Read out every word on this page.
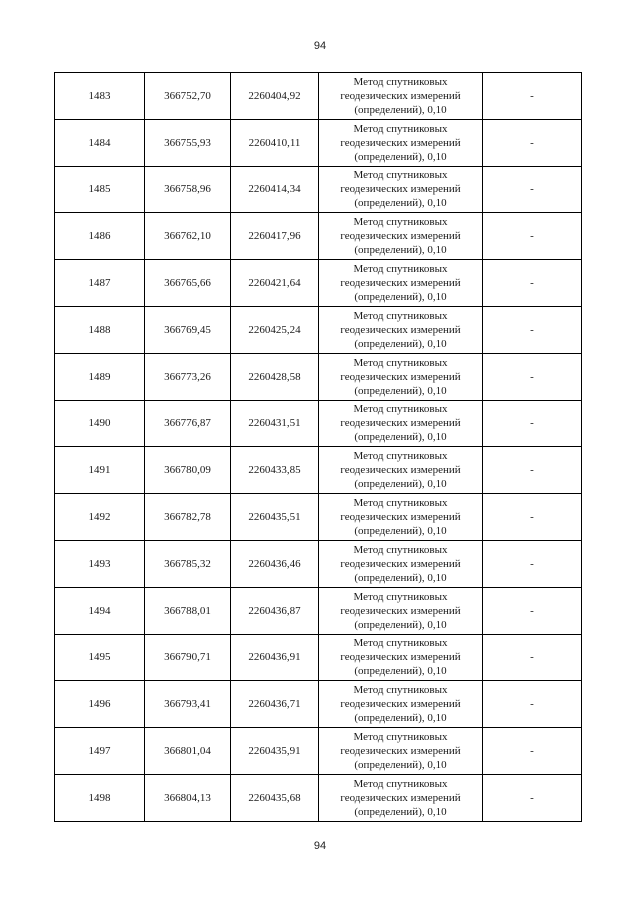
94
1483	366752,70	2260404,92	Метод спутниковых
геодезических измерений
(определений), 0,10	-
1484	366755,93	2260410,11	Метод спутниковых
геодезических измерений
(определений), 0,10	-
1485	366758,96	2260414,34	Метод спутниковых
геодезических измерений
(определений), 0,10	-
1486	366762,10	2260417,96	Метод спутниковых
геодезических измерений
(определений), 0,10	-
1487	366765,66	2260421,64	Метод спутниковых
геодезических измерений
(определений), 0,10	-
1488	366769,45	2260425,24	Метод спутниковых
геодезических измерений
(определений), 0,10	-
1489	366773,26	2260428,58	Метод спутниковых
геодезических измерений
(определений), 0,10	-
1490	366776,87	2260431,51	Метод спутниковых
геодезических измерений
(определений), 0,10	-
1491	366780,09	2260433,85	Метод спутниковых
геодезических измерений
(определений), 0,10	-
1492	366782,78	2260435,51	Метод спутниковых
геодезических измерений
(определений), 0,10	-
1493	366785,32	2260436,46	Метод спутниковых
геодезических измерений
(определений), 0,10	-
1494	366788,01	2260436,87	Метод спутниковых
геодезических измерений
(определений), 0,10	-
1495	366790,71	2260436,91	Метод спутниковых
геодезических измерений
(определений), 0,10	-
1496	366793,41	2260436,71	Метод спутниковых
геодезических измерений
(определений), 0,10	-
1497	366801,04	2260435,91	Метод спутниковых
геодезических измерений
(определений), 0,10	-
1498	366804,13	2260435,68	Метод спутниковых
геодезических измерений
(определений), 0,10	-
94
